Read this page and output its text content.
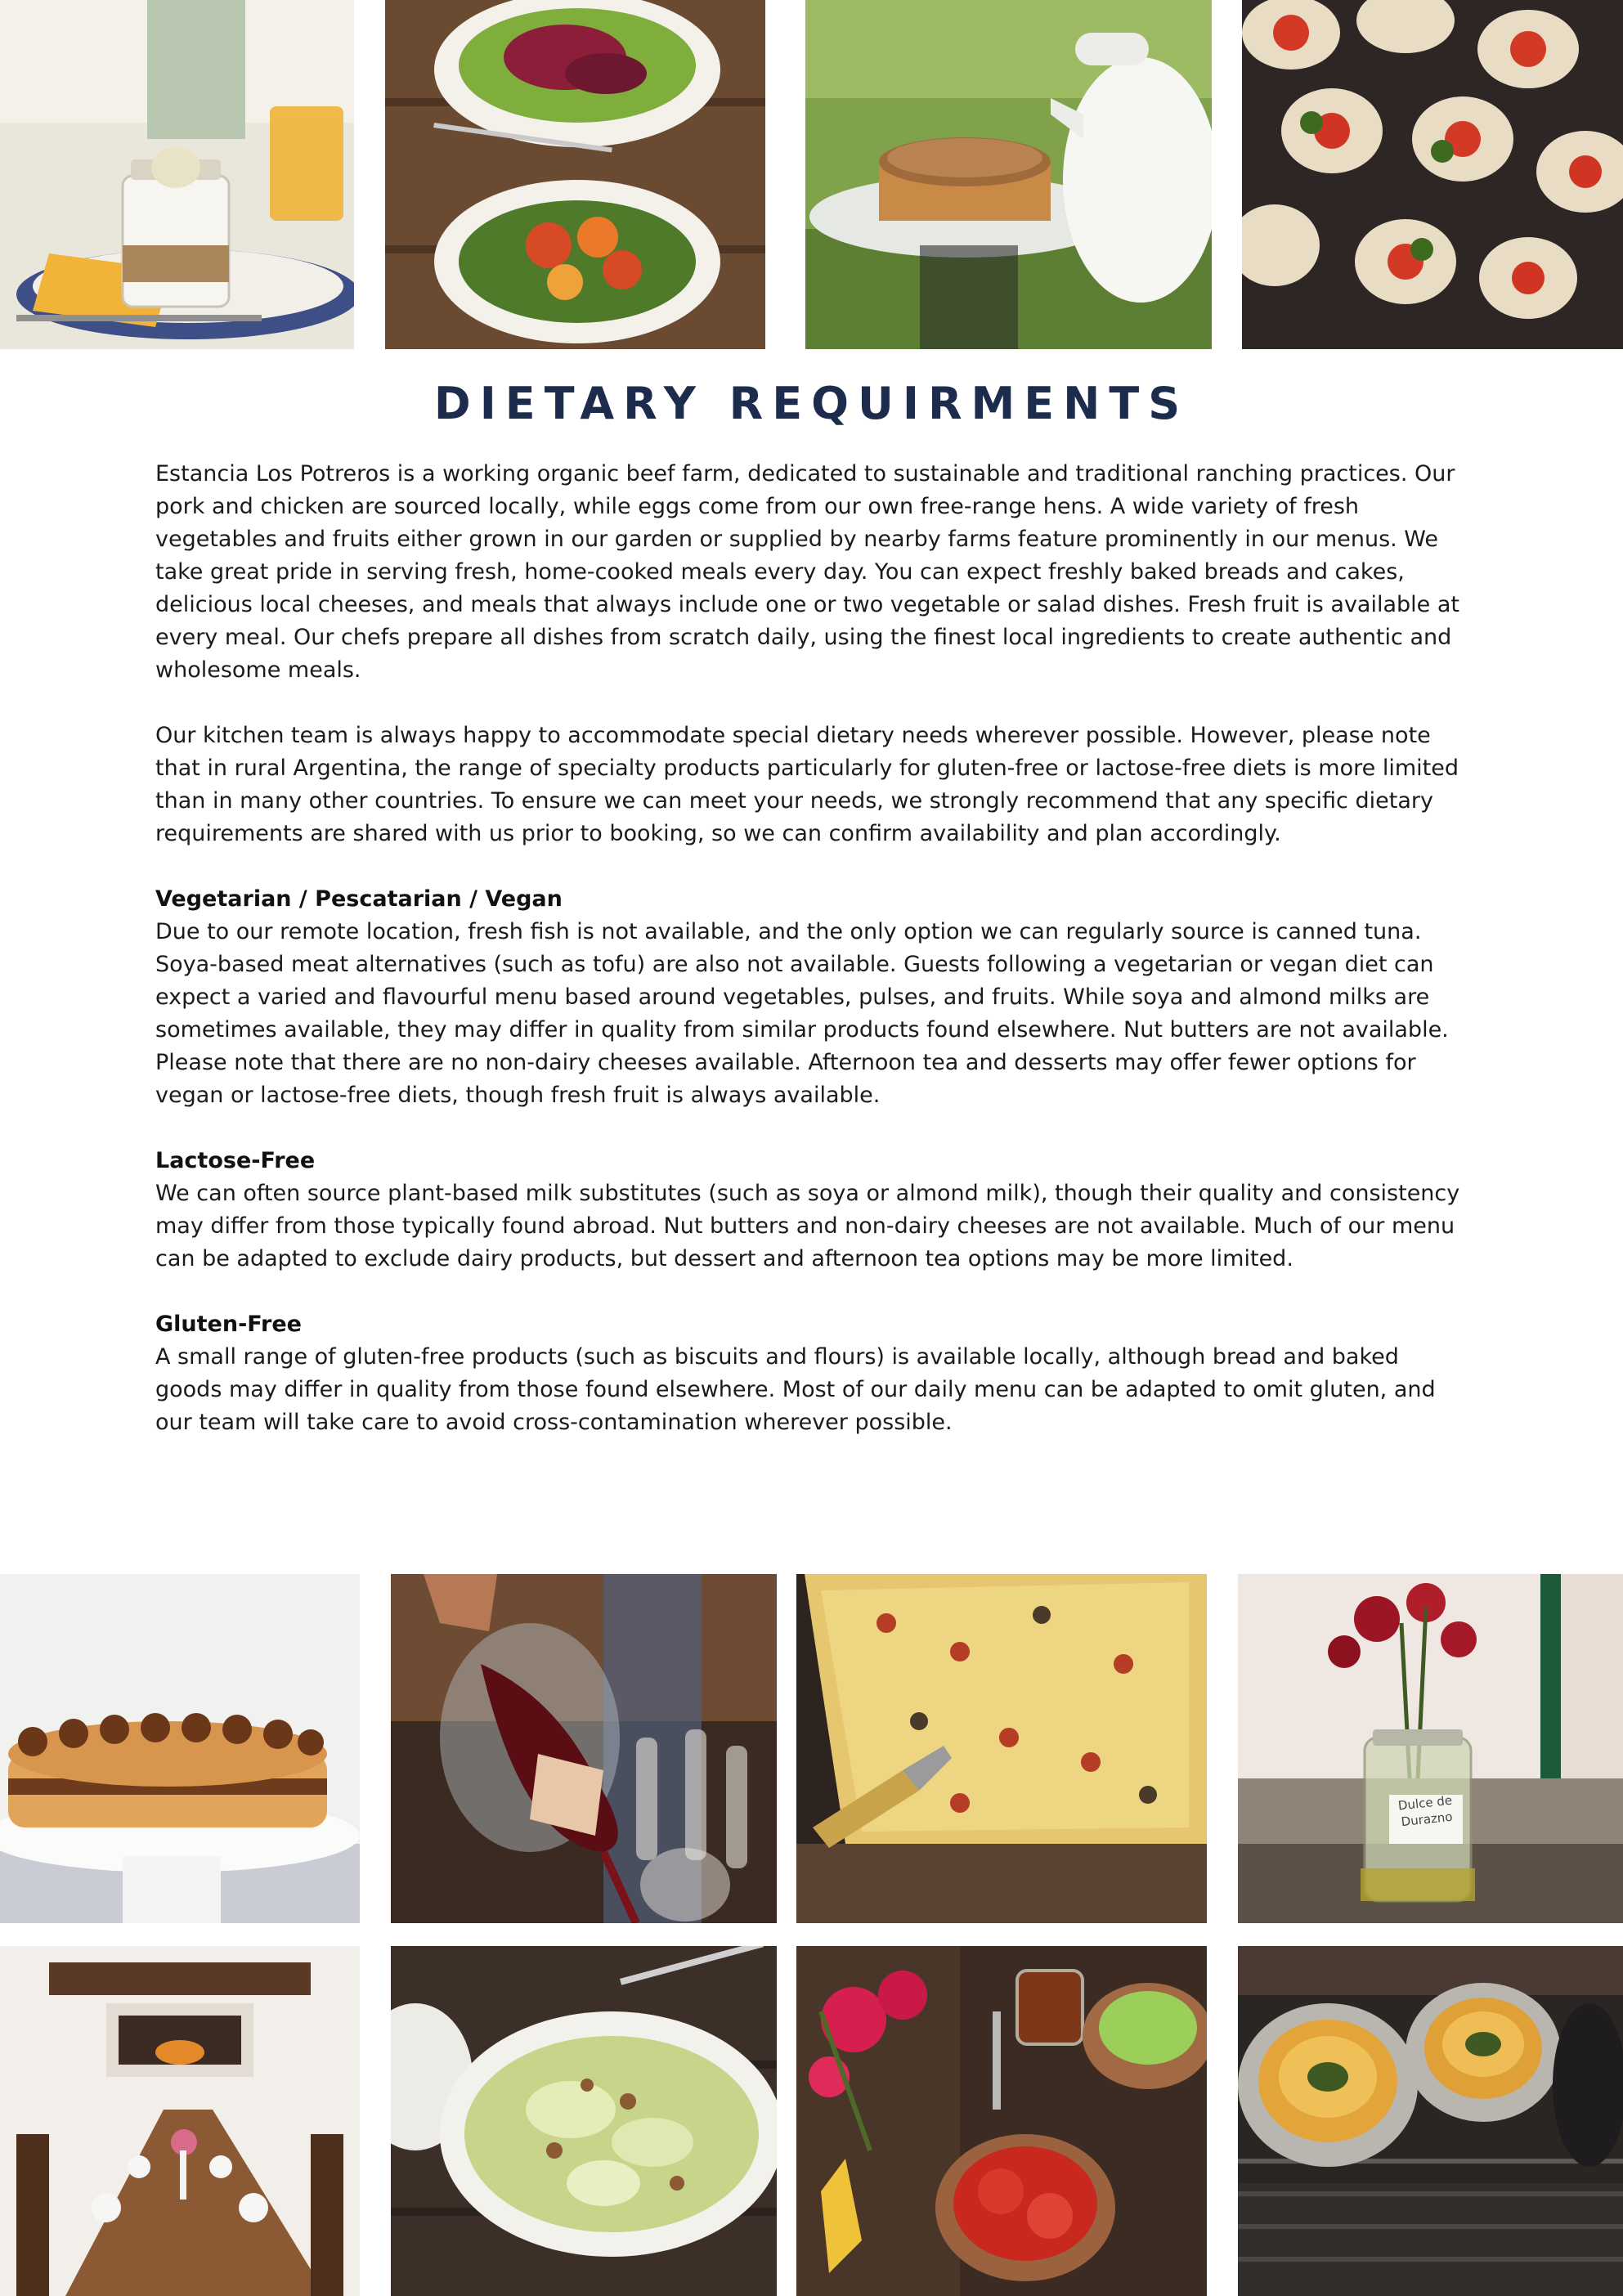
DIETARY REQUIRMENTS

Estancia Los Potreros is a working organic beef farm, dedicated to sustainable and traditional ranching practices. Our pork and chicken are sourced locally, while eggs come from our own free-range hens. A wide variety of fresh vegetables and fruits either grown in our garden or supplied by nearby farms feature prominently in our menus. We take great pride in serving fresh, home-cooked meals every day. You can expect freshly baked breads and cakes, delicious local cheeses, and meals that always include one or two vegetable or salad dishes. Fresh fruit is available at every meal. Our chefs prepare all dishes from scratch daily, using the finest local ingredients to create authentic and wholesome meals.

Our kitchen team is always happy to accommodate special dietary needs wherever possible. However, please note that in rural Argentina, the range of specialty products particularly for gluten-free or lactose-free diets is more limited than in many other countries. To ensure we can meet your needs, we strongly recommend that any specific dietary requirements are shared with us prior to booking, so we can confirm availability and plan accordingly.

Vegetarian / Pescatarian / Vegan

Due to our remote location, fresh fish is not available, and the only option we can regularly source is canned tuna. Soya-based meat alternatives (such as tofu) are also not available. Guests following a vegetarian or vegan diet can expect a varied and flavourful menu based around vegetables, pulses, and fruits. While soya and almond milks are sometimes available, they may differ in quality from similar products found elsewhere. Nut butters are not available. Please note that there are no non-dairy cheeses available. Afternoon tea and desserts may offer fewer options for vegan or lactose-free diets, though fresh fruit is always available.

Lactose-Free

We can often source plant-based milk substitutes (such as soya or almond milk), though their quality and consistency may differ from those typically found abroad. Nut butters and non-dairy cheeses are not available. Much of our menu can be adapted to exclude dairy products, but dessert and afternoon tea options may be more limited.

Gluten-Free

A small range of gluten-free products (such as biscuits and flours) is available locally, although bread and baked goods may differ in quality from those found elsewhere. Most of our daily menu can be adapted to omit gluten, and our team will take care to avoid cross-contamination wherever possible.

Dulce de Durazno
